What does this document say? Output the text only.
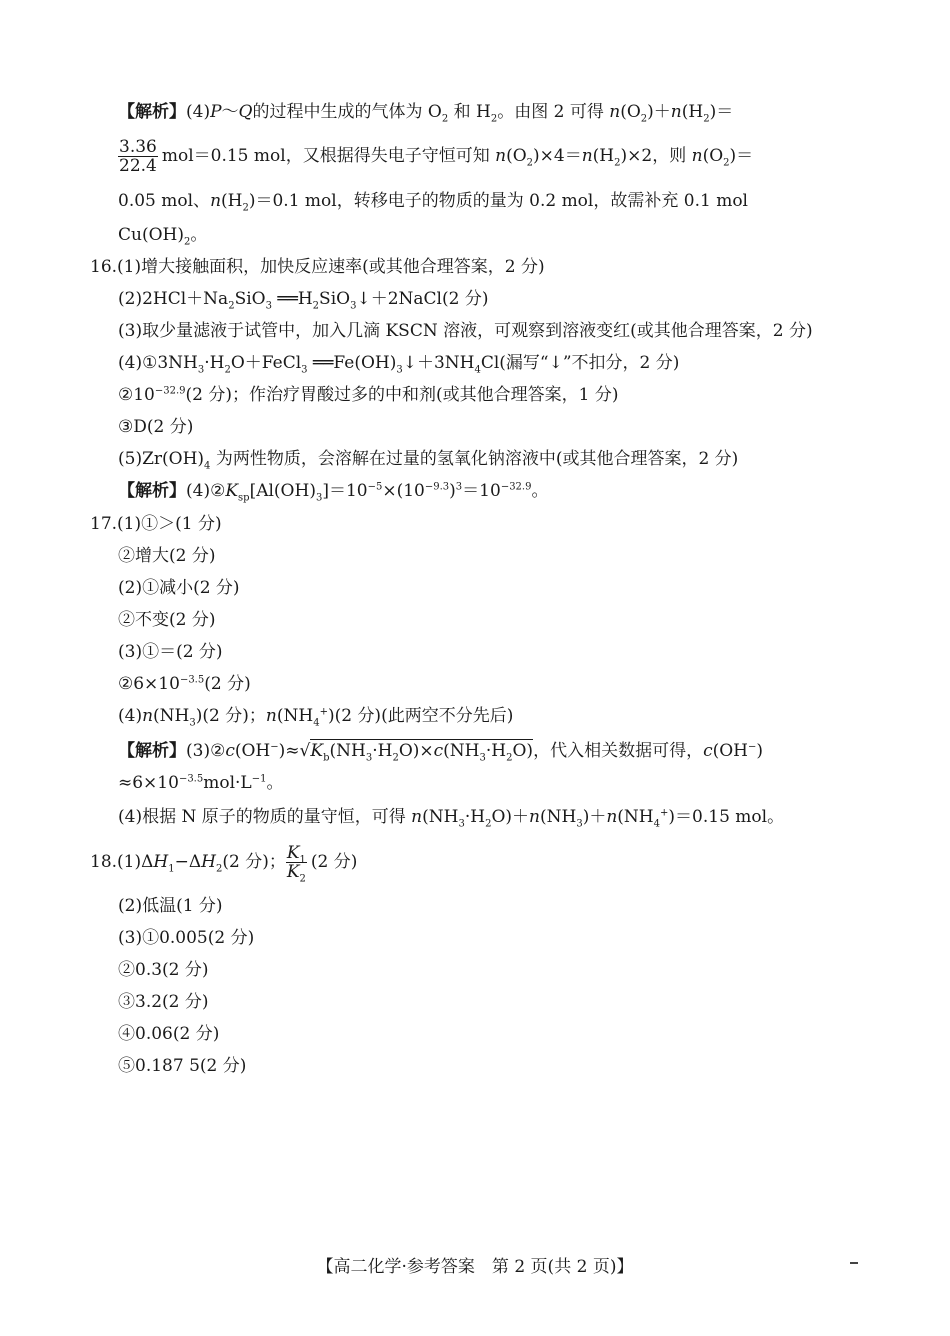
【解析】(4)P～Q的过程中生成的气体为 $O_2$ 和 $H_2$。由图 2 可得 $n(O_2)+n(H_2)=$
$\frac{3.36}{22.4} mol=0.15$ mol，又根据得失电子守恒可知 $n(O_2)\times 4=n(H_2)\times 2$，则 $n(O_2)=$
0.05 mol、$n(H_2)=0.1$ mol，转移电子的物质的量为 0.2 mol，故需补充 0.1 mol
$Cu(OH)_2$。
16.(1)增大接触面积，加快反应速率(或其他合理答案，2 分)
$(2)2HCl+Na_2SiO_3$ $══H_2SiO_3↓+2NaCl(2$ 分)
(3)取少量滤液于试管中，加入几滴 KSCN 溶液，可观察到溶液变红(或其他合理答案，2 分)
$(4)①3NH_3\cdot H_2O+FeCl_3$ $══Fe(OH)_3↓+3NH_4Cl$(漏写“↓”不扣分，2 分)
$②10^{-32.9}(2$ 分)；作治疗胃酸过多的中和剂(或其他合理答案，1 分)
③D(2 分)
$(5)Zr(OH)_4$ 为两性物质，会溶解在过量的氢氧化钠溶液中(或其他合理答案，2 分)
【解析】$(4)②K_{sp}[Al(OH)_3]=10^{-5}\times(10^{-9.3})^3=10^{-32.9}$。
17.(1)①＞(1 分)
②增大(2 分)
(2)①减小(2 分)
②不变(2 分)
(3)①＝(2 分)
$②6\times 10^{-3.5}(2$ 分)
$(4)n(NH_3)(2$ 分)；$n(NH_4^+)(2$ 分)(此两空不分先后)
【解析】$(3)②c(OH^-)\approx√K_b(NH_3\cdot H_2O)\times c(NH_3\cdot H_2O)$，代入相关数据可得，c(OH−)
$\approx 6\times 10^{-3.5}mol\cdot L^{-1}$。
(4)根据 N 原子的物质的量守恒，可得 $n(NH_3\cdot H_2O)+n(NH_3)+n(NH_4^+)=0.15$ mol。
$18.(1)\Delta H_1-\Delta H_2(2$ 分)； $\frac{K_1}{K_2} (2$ 分)
(2)低温(1 分)
(3)①0.005(2 分)
②0.3(2 分)
③3.2(2 分)
④0.06(2 分)
⑤0.187 5(2 分)
【高二化学·参考答案　第 2 页(共 2 页)】
